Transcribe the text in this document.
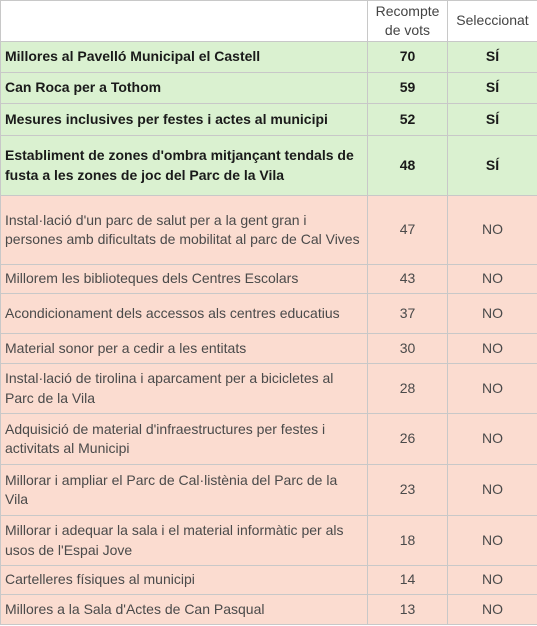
	Recompte de vots	Seleccionat
Millores al Pavelló Municipal el Castell	70	SÍ
Can Roca per a Tothom	59	SÍ
Mesures inclusives per festes i actes al municipi	52	SÍ
Establiment de zones d'ombra mitjançant tendals de fusta a les zones de joc del Parc de la Vila	48	SÍ
Instal·lació d'un parc de salut per a la gent gran i persones amb dificultats de mobilitat al parc de Cal Vives	47	NO
Millorem les biblioteques dels Centres Escolars	43	NO
Acondicionament dels accessos als centres educatius	37	NO
Material sonor per a cedir a les entitats	30	NO
Instal·lació de tirolina i aparcament per a bicicletes al Parc de la Vila	28	NO
Adquisició de material d'infraestructures per festes i activitats al Municipi	26	NO
Millorar i ampliar el Parc de Cal·listènia del Parc de la Vila	23	NO
Millorar i adequar la sala i el material informàtic per als usos de l'Espai Jove	18	NO
Cartelleres físiques al municipi	14	NO
Millores a la Sala d'Actes de Can Pasqual	13	NO
